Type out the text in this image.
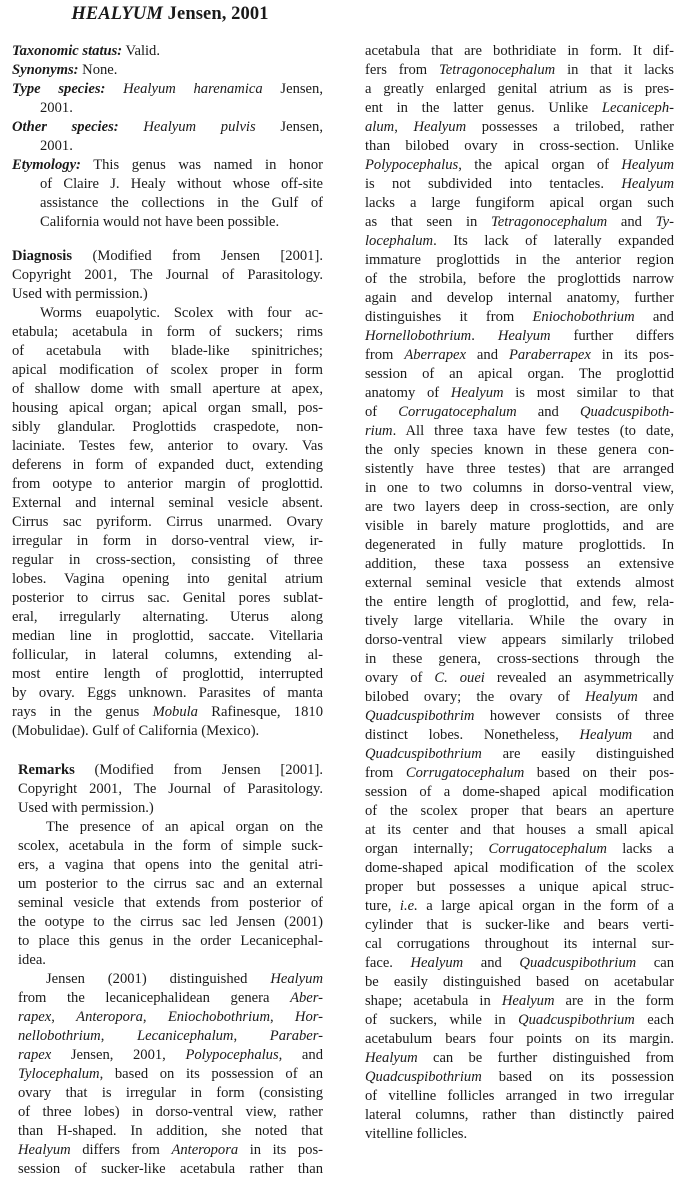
HEALYUM Jensen, 2001
Taxonomic status: Valid.
Synonyms: None.
Type species: Healyum harenamica Jensen,
2001.
Other species: Healyum pulvis Jensen,
2001.
Etymology: This genus was named in honor
of Claire J. Healy without whose off-site
assistance the collections in the Gulf of
California would not have been possible.
Diagnosis (Modified from Jensen [2001].
Copyright 2001, The Journal of Parasitology.
Used with permission.)
Worms euapolytic. Scolex with four ac-
etabula; acetabula in form of suckers; rims
of acetabula with blade-like spinitriches;
apical modification of scolex proper in form
of shallow dome with small aperture at apex,
housing apical organ; apical organ small, pos-
sibly glandular. Proglottids craspedote, non-
laciniate. Testes few, anterior to ovary. Vas
deferens in form of expanded duct, extending
from ootype to anterior margin of proglottid.
External and internal seminal vesicle absent.
Cirrus sac pyriform. Cirrus unarmed. Ovary
irregular in form in dorso-ventral view, ir-
regular in cross-section, consisting of three
lobes. Vagina opening into genital atrium
posterior to cirrus sac. Genital pores sublat-
eral, irregularly alternating. Uterus along
median line in proglottid, saccate. Vitellaria
follicular, in lateral columns, extending al-
most entire length of proglottid, interrupted
by ovary. Eggs unknown. Parasites of manta
rays in the genus Mobula Rafinesque, 1810
(Mobulidae). Gulf of California (Mexico).
Remarks (Modified from Jensen [2001].
Copyright 2001, The Journal of Parasitology.
Used with permission.)
The presence of an apical organ on the
scolex, acetabula in the form of simple suck-
ers, a vagina that opens into the genital atri-
um posterior to the cirrus sac and an external
seminal vesicle that extends from posterior of
the ootype to the cirrus sac led Jensen (2001)
to place this genus in the order Lecanicephal-
idea.
Jensen (2001) distinguished Healyum
from the lecanicephalidean genera Aber-
rapex, Anteropora, Eniochobothrium, Hor-
nellobothrium, Lecanicephalum, Paraber-
rapex Jensen, 2001, Polypocephalus, and
Tylocephalum, based on its possession of an
ovary that is irregular in form (consisting
of three lobes) in dorso-ventral view, rather
than H-shaped. In addition, she noted that
Healyum differs from Anteropora in its pos-
session of sucker-like acetabula rather than
acetabula that are bothridiate in form. It dif-
fers from Tetragonocephalum in that it lacks
a greatly enlarged genital atrium as is pres-
ent in the latter genus. Unlike Lecaniceph-
alum, Healyum possesses a trilobed, rather
than bilobed ovary in cross-section. Unlike
Polypocephalus, the apical organ of Healyum
is not subdivided into tentacles. Healyum
lacks a large fungiform apical organ such
as that seen in Tetragonocephalum and Ty-
locephalum. Its lack of laterally expanded
immature proglottids in the anterior region
of the strobila, before the proglottids narrow
again and develop internal anatomy, further
distinguishes it from Eniochobothrium and
Hornellobothrium. Healyum further differs
from Aberrapex and Paraberrapex in its pos-
session of an apical organ. The proglottid
anatomy of Healyum is most similar to that
of Corrugatocephalum and Quadcuspiboth-
rium. All three taxa have few testes (to date,
the only species known in these genera con-
sistently have three testes) that are arranged
in one to two columns in dorso-ventral view,
are two layers deep in cross-section, are only
visible in barely mature proglottids, and are
degenerated in fully mature proglottids. In
addition, these taxa possess an extensive
external seminal vesicle that extends almost
the entire length of proglottid, and few, rela-
tively large vitellaria. While the ovary in
dorso-ventral view appears similarly trilobed
in these genera, cross-sections through the
ovary of C. ouei revealed an asymmetrically
bilobed ovary; the ovary of Healyum and
Quadcuspibothrim however consists of three
distinct lobes. Nonetheless, Healyum and
Quadcuspibothrium are easily distinguished
from Corrugatocephalum based on their pos-
session of a dome-shaped apical modification
of the scolex proper that bears an aperture
at its center and that houses a small apical
organ internally; Corrugatocephalum lacks a
dome-shaped apical modification of the scolex
proper but possesses a unique apical struc-
ture, i.e. a large apical organ in the form of a
cylinder that is sucker-like and bears verti-
cal corrugations throughout its internal sur-
face. Healyum and Quadcuspibothrium can
be easily distinguished based on acetabular
shape; acetabula in Healyum are in the form
of suckers, while in Quadcuspibothrium each
acetabulum bears four points on its margin.
Healyum can be further distinguished from
Quadcuspibothrium based on its possession
of vitelline follicles arranged in two irregular
lateral columns, rather than distinctly paired
vitelline follicles.
